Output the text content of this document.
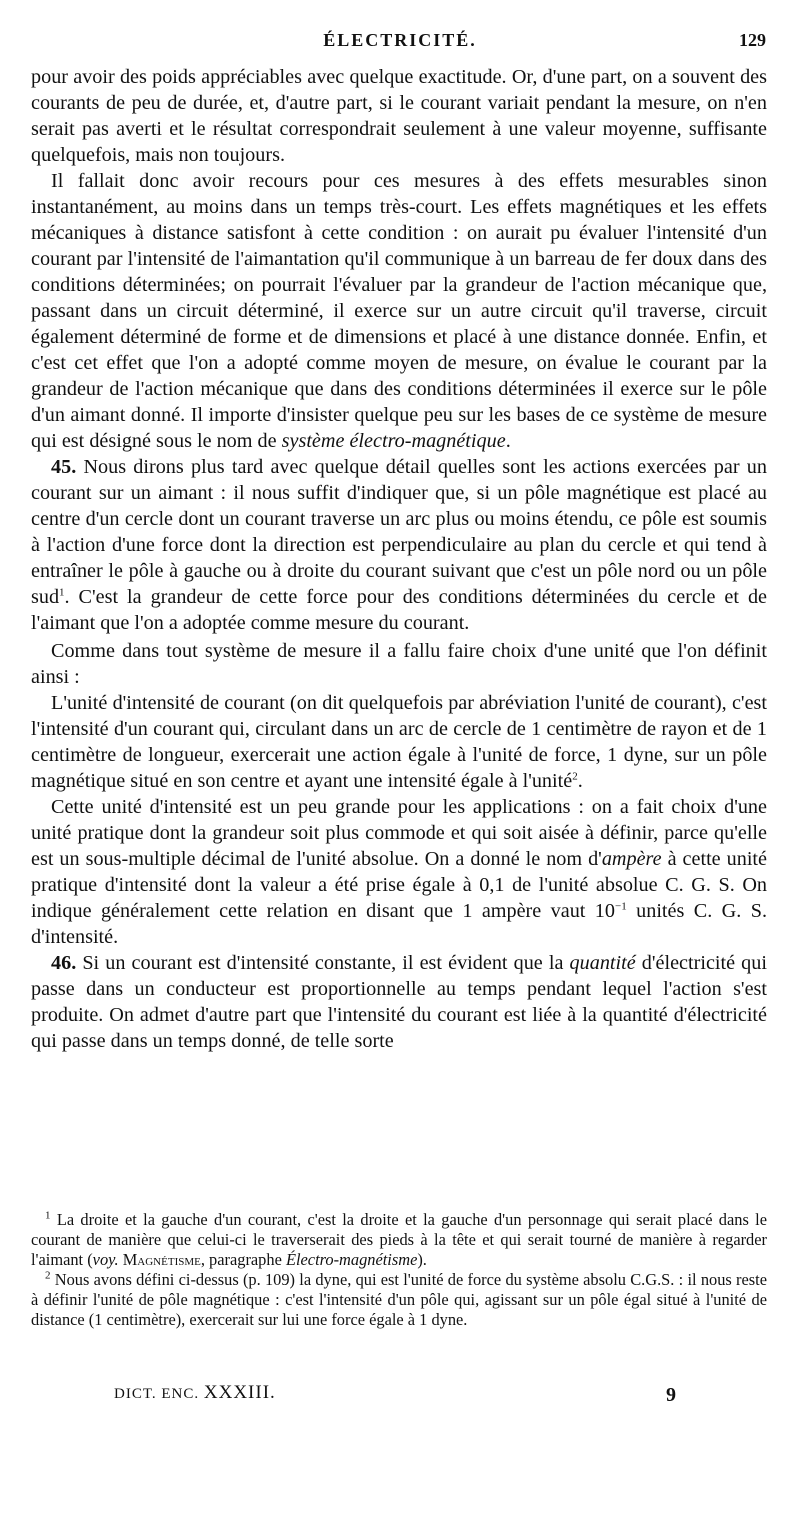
ÉLECTRICITÉ.	129

pour avoir des poids appréciables avec quelque exactitude. Or, d'une part, on a souvent des courants de peu de durée, et, d'autre part, si le courant variait pendant la mesure, on n'en serait pas averti et le résultat correspondrait seulement à une valeur moyenne, suffisante quelquefois, mais non toujours.

Il fallait donc avoir recours pour ces mesures à des effets mesurables sinon instantanément, au moins dans un temps très-court. Les effets magnétiques et les effets mécaniques à distance satisfont à cette condition : on aurait pu évaluer l'intensité d'un courant par l'intensité de l'aimantation qu'il communique à un barreau de fer doux dans des conditions déterminées; on pourrait l'évaluer par la grandeur de l'action mécanique que, passant dans un circuit déterminé, il exerce sur un autre circuit qu'il traverse, circuit également déterminé de forme et de dimensions et placé à une distance donnée. Enfin, et c'est cet effet que l'on a adopté comme moyen de mesure, on évalue le courant par la grandeur de l'action mécanique que dans des conditions déterminées il exerce sur le pôle d'un aimant donné. Il importe d'insister quelque peu sur les bases de ce système de mesure qui est désigné sous le nom de système électro-magnétique.

45. Nous dirons plus tard avec quelque détail quelles sont les actions exercées par un courant sur un aimant : il nous suffit d'indiquer que, si un pôle magnétique est placé au centre d'un cercle dont un courant traverse un arc plus ou moins étendu, ce pôle est soumis à l'action d'une force dont la direction est perpendiculaire au plan du cercle et qui tend à entraîner le pôle à gauche ou à droite du courant suivant que c'est un pôle nord ou un pôle sud$^1$. C'est la grandeur de cette force pour des conditions déterminées du cercle et de l'aimant que l'on a adoptée comme mesure du courant.

Comme dans tout système de mesure il a fallu faire choix d'une unité que l'on définit ainsi :

L'unité d'intensité de courant (on dit quelquefois par abréviation l'unité de courant), c'est l'intensité d'un courant qui, circulant dans un arc de cercle de 1 centimètre de rayon et de 1 centimètre de longueur, exercerait une action égale à l'unité de force, 1 dyne, sur un pôle magnétique situé en son centre et ayant une intensité égale à l'unité$^2$.

Cette unité d'intensité est un peu grande pour les applications : on a fait choix d'une unité pratique dont la grandeur soit plus commode et qui soit aisée à définir, parce qu'elle est un sous-multiple décimal de l'unité absolue. On a donné le nom d'ampère à cette unité pratique d'intensité dont la valeur a été prise égale à 0,1 de l'unité absolue C. G. S. On indique généralement cette relation en disant que 1 ampère vaut $10^{-1}$ unités C. G. S. d'intensité.

46. Si un courant est d'intensité constante, il est évident que la quantité d'électricité qui passe dans un conducteur est proportionnelle au temps pendant lequel l'action s'est produite. On admet d'autre part que l'intensité du courant est liée à la quantité d'électricité qui passe dans un temps donné, de telle sorte

$^1$ La droite et la gauche d'un courant, c'est la droite et la gauche d'un personnage qui serait placé dans le courant de manière que celui-ci le traverserait des pieds à la tête et qui serait tourné de manière à regarder l'aimant (voy. Magnétisme, paragraphe Électro-magnétisme).

$^2$ Nous avons défini ci-dessus (p. 109) la dyne, qui est l'unité de force du système absolu C.G.S. : il nous reste à définir l'unité de pôle magnétique : c'est l'intensité d'un pôle qui, agissant sur un pôle égal situé à l'unité de distance (1 centimètre), exercerait sur lui une force égale à 1 dyne.

DICT. ENC. XXXIII.	9
